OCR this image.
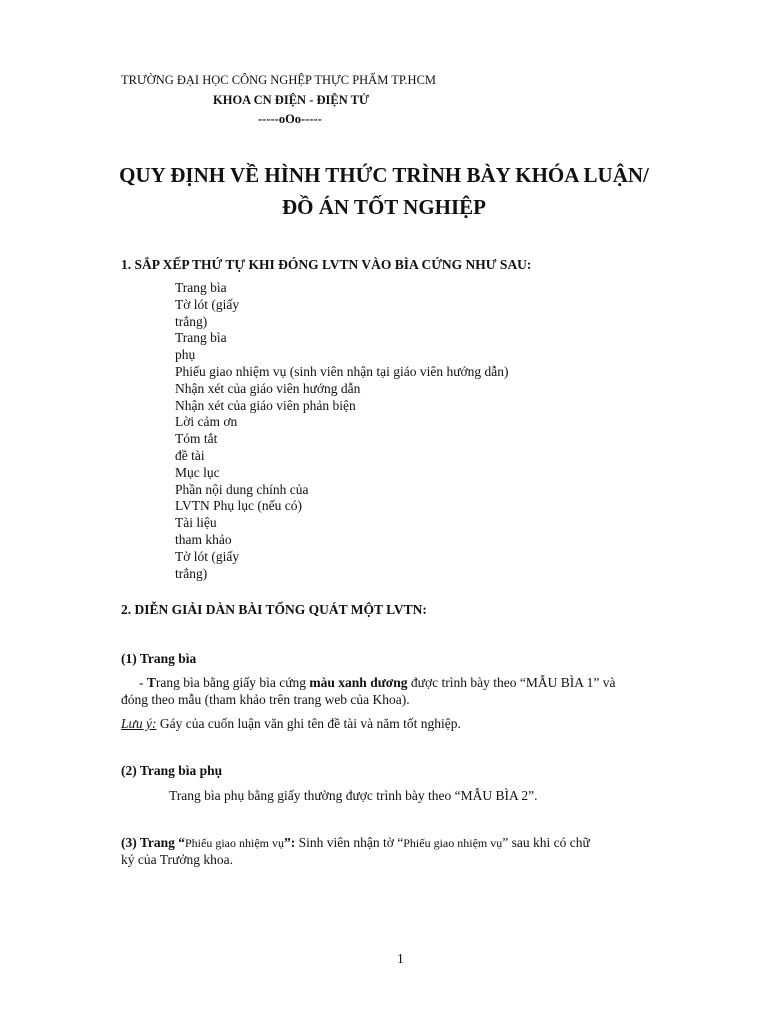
TRƯỜNG ĐẠI HỌC CÔNG NGHỆP THỰC PHẨM TP.HCM
KHOA CN ĐIỆN - ĐIỆN TỬ
-----oOo-----
QUY ĐỊNH VỀ HÌNH THỨC TRÌNH BÀY KHÓA LUẬN/
ĐỒ ÁN TỐT NGHIỆP
1. SẮP XẾP THỨ TỰ KHI ĐÓNG LVTN VÀO BÌA CỨNG NHƯ SAU:
Trang bìa
Tờ lót (giấy
trắng)
Trang bìa
phụ
Phiếu giao nhiệm vụ (sinh viên nhận tại giáo viên hướng dẫn)
Nhận xét của giáo viên hướng dẫn
Nhận xét của giáo viên phản biện
Lời cảm ơn
Tóm tắt
đề tài
Mục lục
Phần nội dung chính của
LVTN Phụ lục (nếu có)
Tài liệu
tham khảo
Tờ lót (giấy
trắng)
2. DIỄN GIẢI DÀN BÀI TỔNG QUÁT MỘT LVTN:
(1) Trang bìa
- Trang bìa bằng giấy bìa cứng màu xanh dương được trình bày theo “MẪU BÌA 1” và
đóng theo mẫu (tham khảo trên trang web của Khoa).
Lưu ý: Gáy của cuốn luận văn ghi tên đề tài và năm tốt nghiệp.
(2) Trang bìa phụ
Trang bìa phụ bằng giấy thường được trình bày theo “MẪU BÌA 2”.
(3) Trang “Phiếu giao nhiệm vụ”: Sinh viên nhận tờ “Phiếu giao nhiệm vụ” sau khi có chữ
ký của Trưởng khoa.
1
